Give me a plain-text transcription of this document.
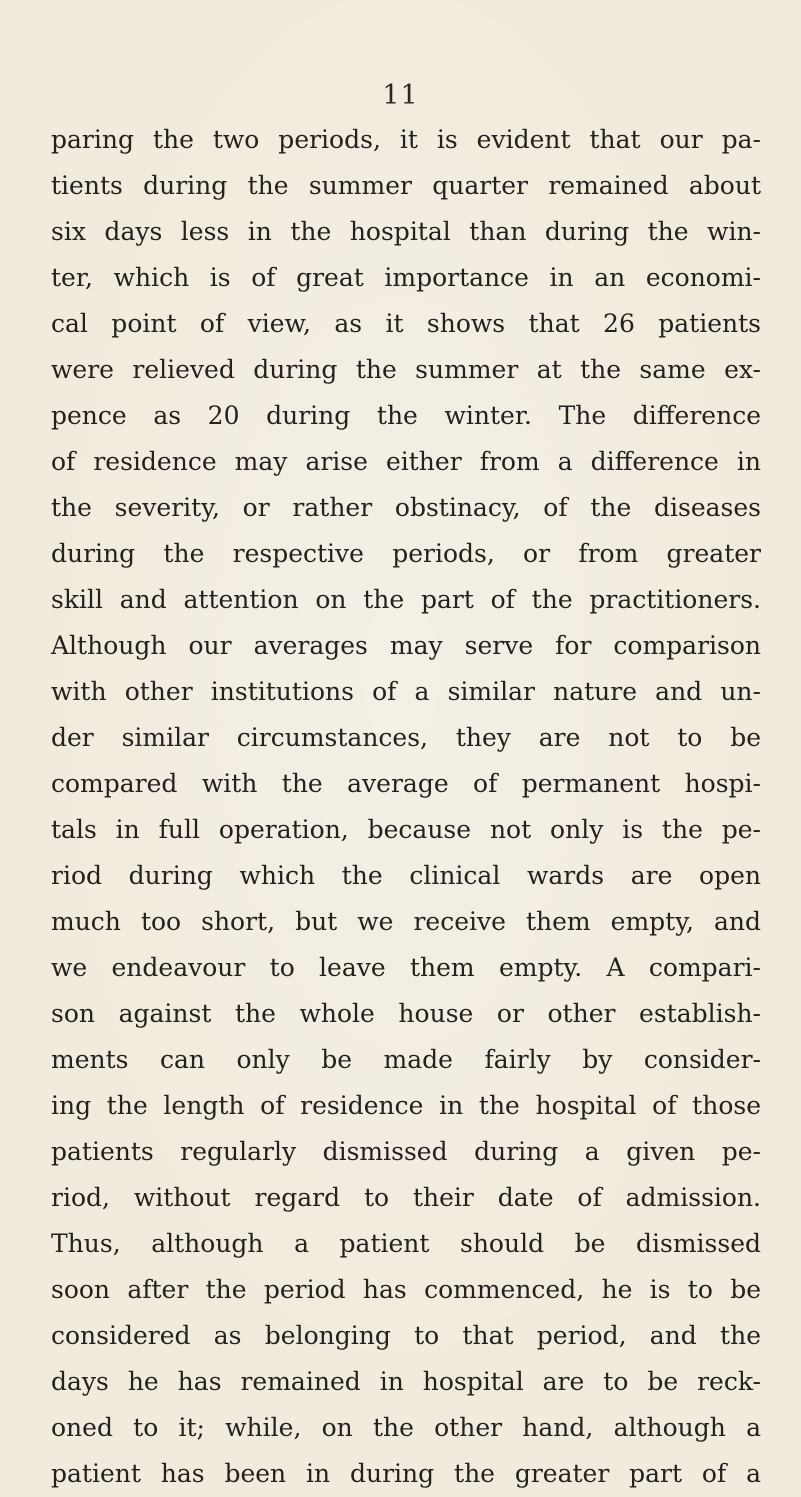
11
paring the two periods, it is evident that our pa-
tients during the summer quarter remained about
six days less in the hospital than during the win-
ter, which is of great importance in an economi-
cal point of view, as it shows that 26 patients
were relieved during the summer at the same ex-
pence as 20 during the winter. The difference
of residence may arise either from a difference in
the severity, or rather obstinacy, of the diseases
during the respective periods, or from greater
skill and attention on the part of the practitioners.
Although our averages may serve for comparison
with other institutions of a similar nature and un-
der similar circumstances, they are not to be
compared with the average of permanent hospi-
tals in full operation, because not only is the pe-
riod during which the clinical wards are open
much too short, but we receive them empty, and
we endeavour to leave them empty. A compari-
son against the whole house or other establish-
ments can only be made fairly by consider-
ing the length of residence in the hospital of those
patients regularly dismissed during a given pe-
riod, without regard to their date of admission.
Thus, although a patient should be dismissed
soon after the period has commenced, he is to be
considered as belonging to that period, and the
days he has remained in hospital are to be reck-
oned to it; while, on the other hand, although a
patient has been in during the greater part of a
